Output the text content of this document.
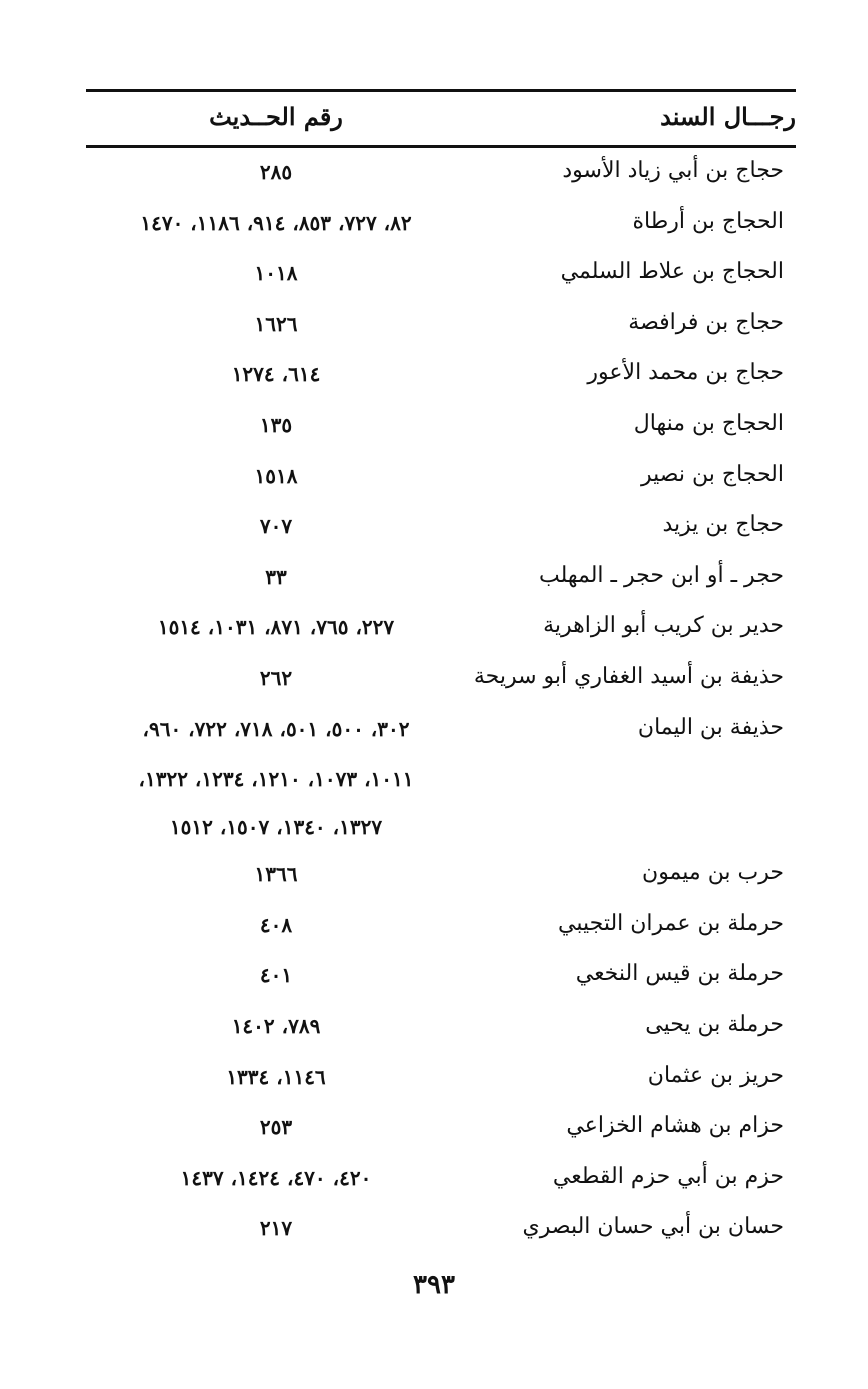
رجـــال السند
رقم الحــديث
حجاج بن أبي زياد الأسود
٢٨٥
الحجاج بن أرطاة
٨٢، ٧٢٧، ٨٥٣، ٩١٤، ١١٨٦، ١٤٧٠
الحجاج بن علاط السلمي
١٠١٨
حجاج بن فرافصة
١٦٢٦
حجاج بن محمد الأعور
٦١٤، ١٢٧٤
الحجاج بن منهال
١٣٥
الحجاج بن نصير
١٥١٨
حجاج بن يزيد
٧٠٧
حجر ـ أو ابن حجر ـ المهلب
٣٣
حدير بن كريب أبو الزاهرية
٢٢٧، ٧٦٥، ٨٧١، ١٠٣١، ١٥١٤
حذيفة بن أسيد الغفاري أبو سريحة
٢٦٢
حذيفة بن اليمان
٣٠٢، ٥٠٠، ٥٠١، ٧١٨، ٧٢٢، ٩٦٠،
١٠١١، ١٠٧٣، ١٢١٠، ١٢٣٤، ١٣٢٢،
١٣٢٧، ١٣٤٠، ١٥٠٧، ١٥١٢
حرب بن ميمون
١٣٦٦
حرملة بن عمران التجيبي
٤٠٨
حرملة بن قيس النخعي
٤٠١
حرملة بن يحيى
٧٨٩، ١٤٠٢
حريز بن عثمان
١١٤٦، ١٣٣٤
حزام بن هشام الخزاعي
٢٥٣
حزم بن أبي حزم القطعي
٤٢٠، ٤٧٠، ١٤٢٤، ١٤٣٧
حسان بن أبي حسان البصري
٢١٧
٣٩٣
